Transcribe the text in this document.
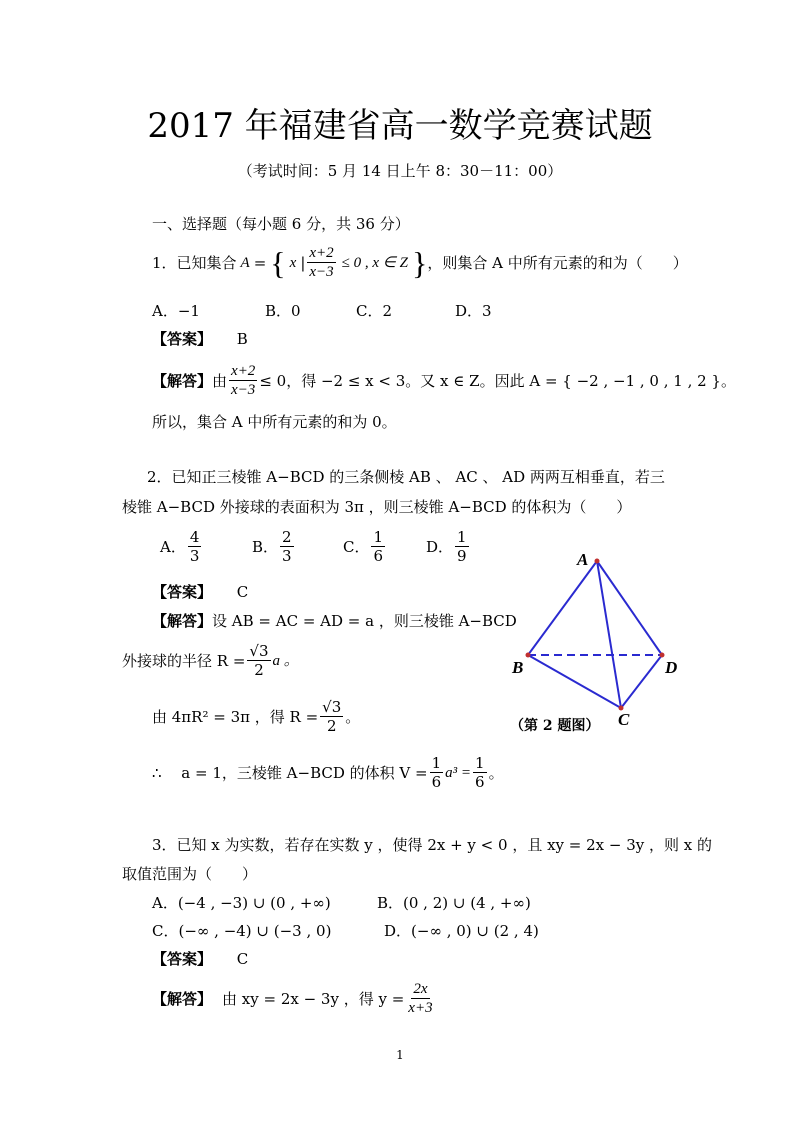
2017 年福建省高一数学竞赛试题
（考试时间：5 月 14 日上午 8：30－11：00）
一、选择题（每小题 6 分，共 36 分）
1．已知集合 A = { x | $\frac{x+2}{x-3} \le 0$ , x ∈ Z } ，则集合 A 中所有元素的和为（　　）
A．−1	B．0	C．2	D．3
【答案】 B
【解答】 由 $\frac{x+2}{x-3} \le 0$，得 −2 ≤ x < 3。又 x ∈ Z。因此 A = { −2 , −1 , 0 , 1 , 2 }。
所以，集合 A 中所有元素的和为 0。
2．已知正三棱锥 A−BCD 的三条侧棱 AB 、 AC 、 AD 两两互相垂直，若三
棱锥 A−BCD 外接球的表面积为 3π ，则三棱锥 A−BCD 的体积为（　　）
A． $\frac{4}{3}$	B． $\frac{2}{3}$	C． $\frac{1}{6}$	D． $\frac{1}{9}$
【答案】 C
【解答】设 AB = AC = AD = a ，则三棱锥 A−BCD
外接球的半径 $R = \frac{√3}{2}$ a 。
由 4πR² = 3π ，得 $R = \frac{√3}{2}$ 。
∴　 a = 1，三棱锥 A−BCD 的体积 $V = \frac{1}{6} a^3 = \frac{1}{6}$ 。
A
B
C
D
（第 2 题图）
3．已知 x 为实数，若存在实数 y ，使得 2x + y < 0 ，且 xy = 2x − 3y ，则 x 的
取值范围为（　　）
A．(−4 , −3) ∪ (0 , +∞)	B．(0 , 2) ∪ (4 , +∞)
C．(−∞ , −4) ∪ (−3 , 0)	D．(−∞ , 0) ∪ (2 , 4)
【答案】 C
【解答】 由 xy = 2x − 3y ，得 $y = \frac{2x}{x+3}$
1
